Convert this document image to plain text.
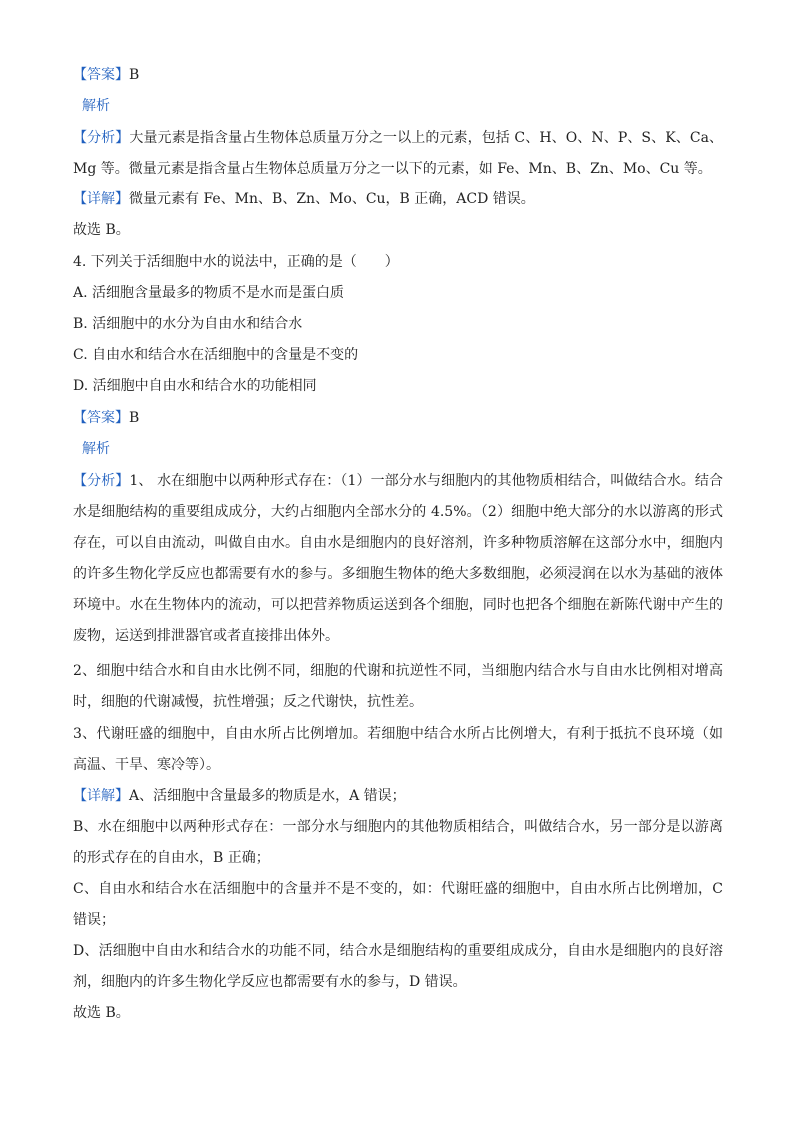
【答案】B
解析
【分析】大量元素是指含量占生物体总质量万分之一以上的元素，包括 C、H、O、N、P、S、K、Ca、Mg 等。微量元素是指含量占生物体总质量万分之一以下的元素，如 Fe、Mn、B、Zn、Mo、Cu 等。
【详解】微量元素有 Fe、Mn、B、Zn、Mo、Cu，B 正确，ACD 错误。
故选 B。
4. 下列关于活细胞中水的说法中，正确的是（　　）
A. 活细胞含量最多的物质不是水而是蛋白质
B. 活细胞中的水分为自由水和结合水
C. 自由水和结合水在活细胞中的含量是不变的
D. 活细胞中自由水和结合水的功能相同
【答案】B
解析
【分析】1、 水在细胞中以两种形式存在：（1）一部分水与细胞内的其他物质相结合，叫做结合水。结合水是细胞结构的重要组成成分，大约占细胞内全部水分的 4.5%。（2）细胞中绝大部分的水以游离的形式存在，可以自由流动，叫做自由水。自由水是细胞内的良好溶剂，许多种物质溶解在这部分水中，细胞内的许多生物化学反应也都需要有水的参与。多细胞生物体的绝大多数细胞，必须浸润在以水为基础的液体环境中。水在生物体内的流动，可以把营养物质运送到各个细胞，同时也把各个细胞在新陈代谢中产生的废物，运送到排泄器官或者直接排出体外。
2、细胞中结合水和自由水比例不同，细胞的代谢和抗逆性不同，当细胞内结合水与自由水比例相对增高时，细胞的代谢减慢，抗性增强；反之代谢快，抗性差。
3、代谢旺盛的细胞中，自由水所占比例增加。若细胞中结合水所占比例增大，有利于抵抗不良环境（如高温、干旱、寒冷等）。
【详解】A、活细胞中含量最多的物质是水，A 错误；
B、水在细胞中以两种形式存在：一部分水与细胞内的其他物质相结合，叫做结合水，另一部分是以游离的形式存在的自由水，B 正确；
C、自由水和结合水在活细胞中的含量并不是不变的，如：代谢旺盛的细胞中，自由水所占比例增加，C 错误；
D、活细胞中自由水和结合水的功能不同，结合水是细胞结构的重要组成成分，自由水是细胞内的良好溶剂，细胞内的许多生物化学反应也都需要有水的参与，D 错误。
故选 B。
